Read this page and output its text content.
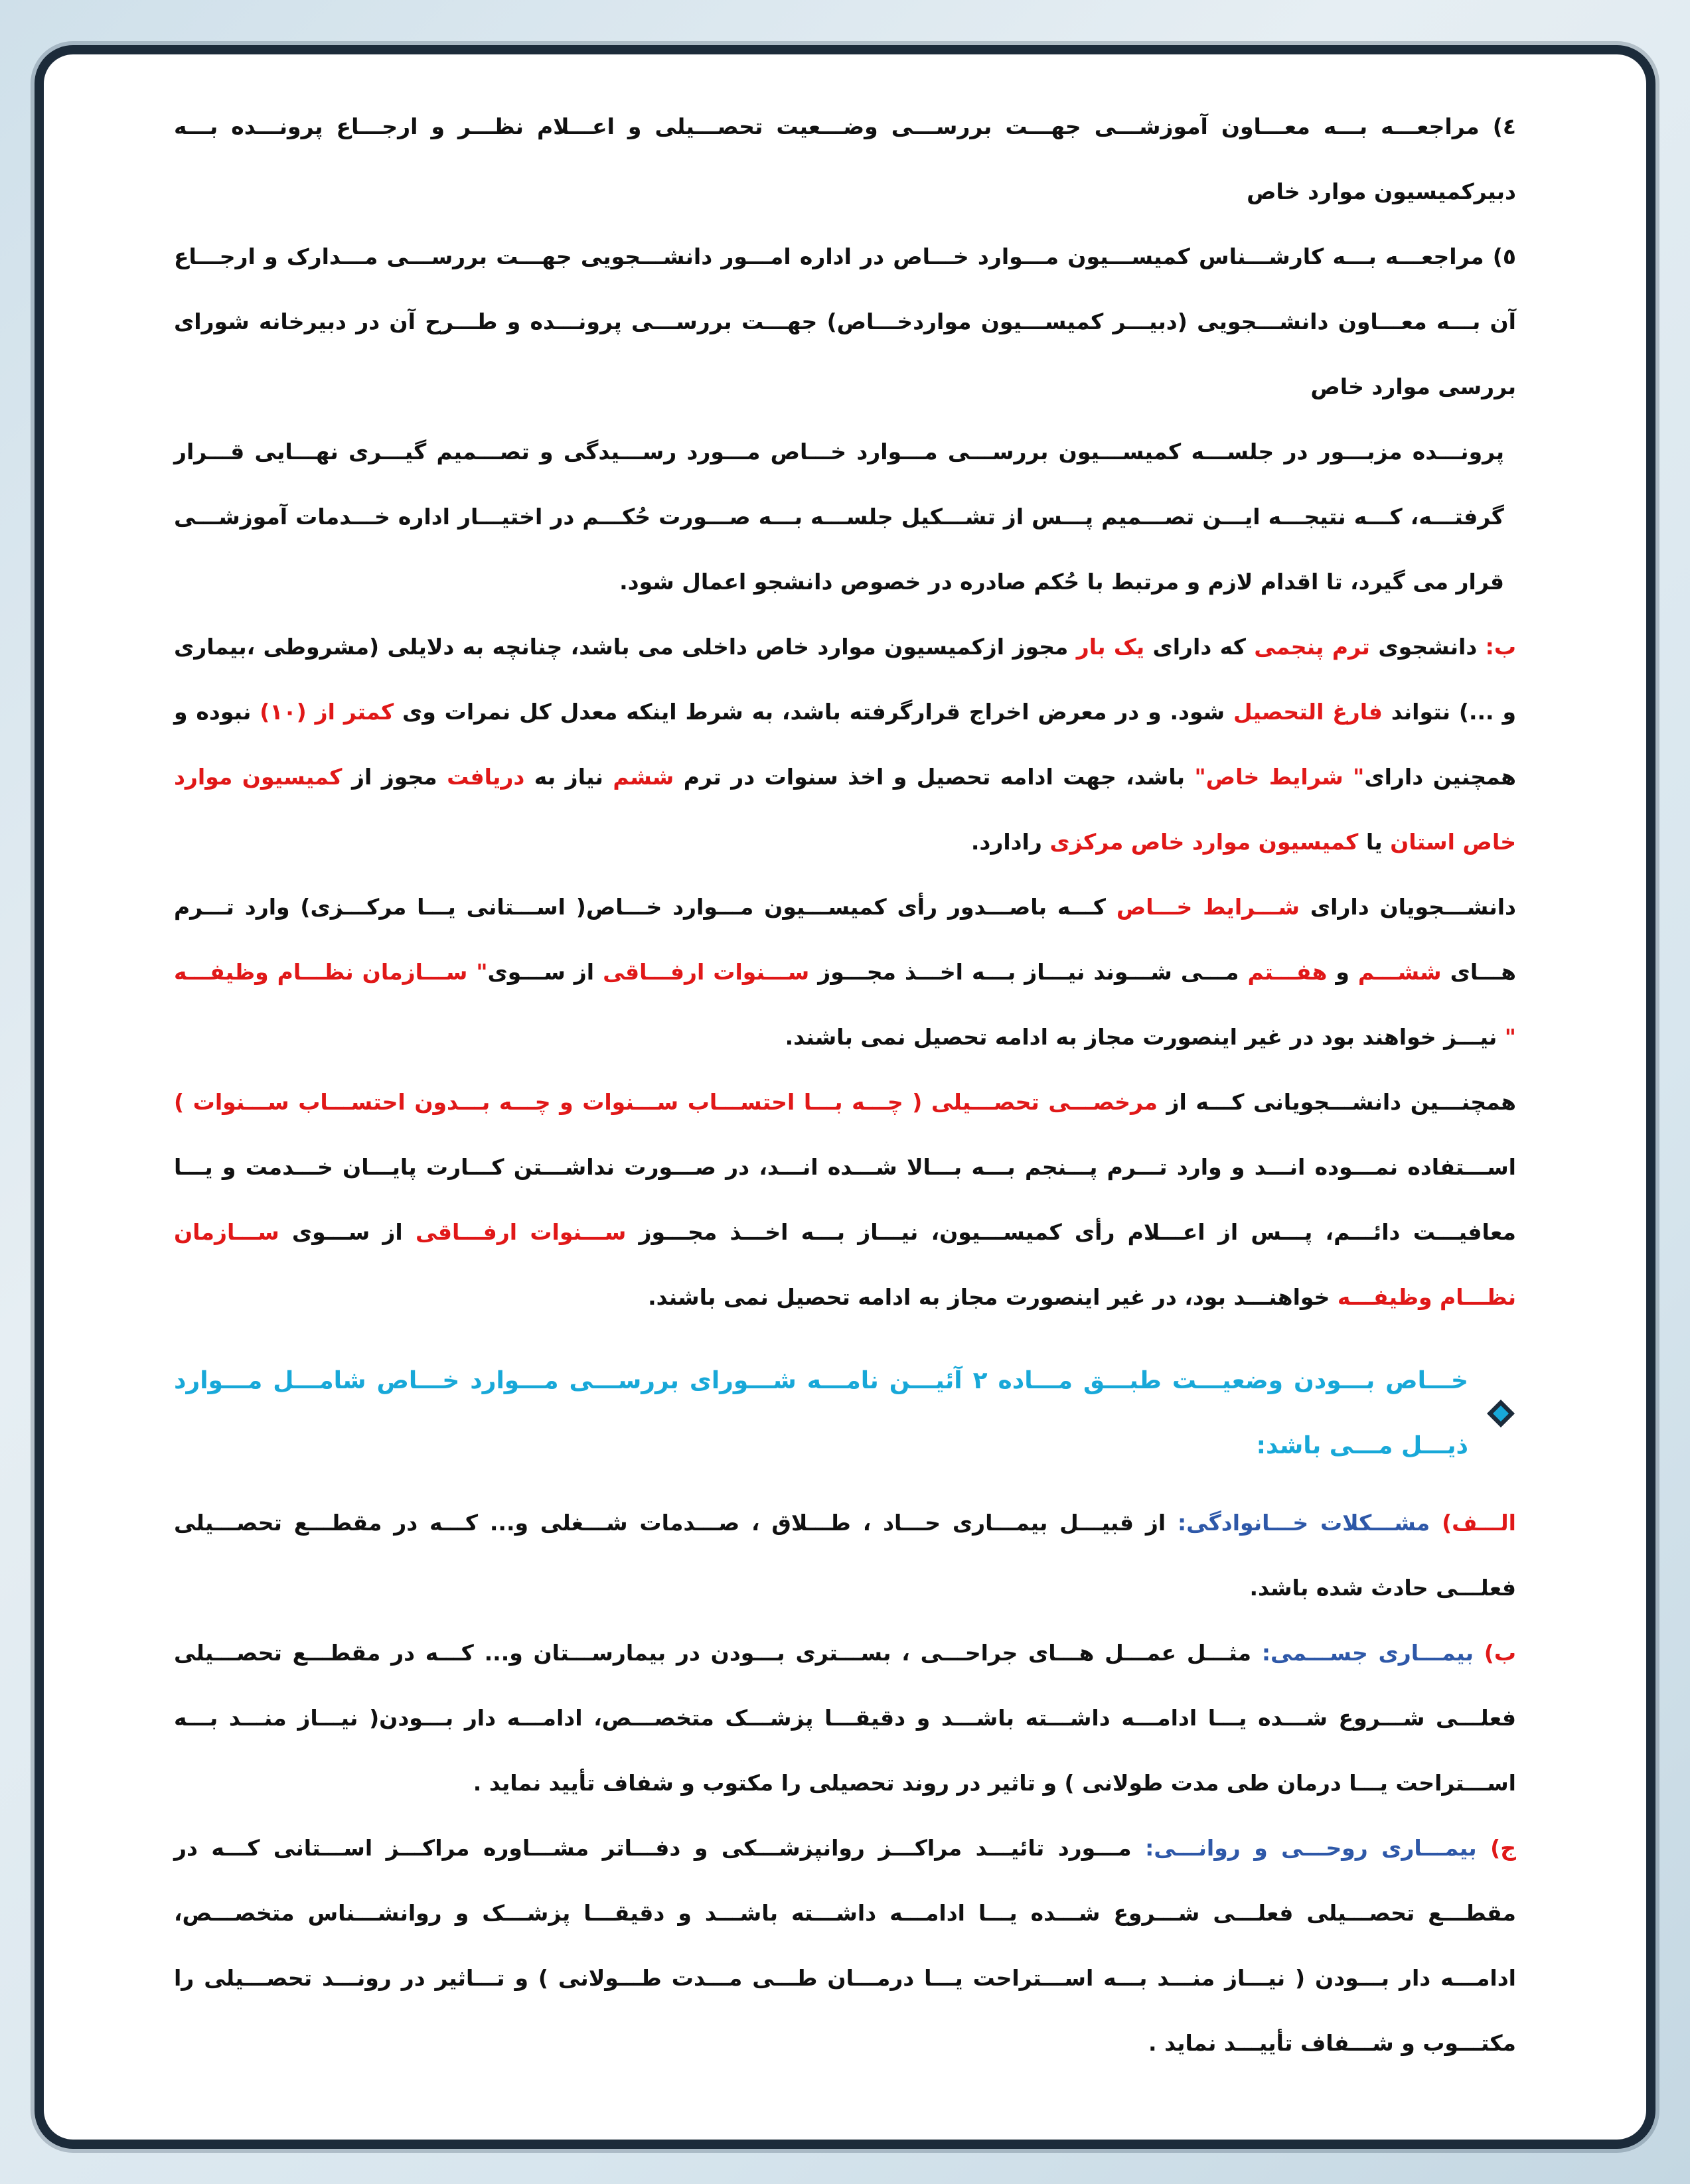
٤) مراجعـــه بـــه معـــاون آموزشـــی جهـــت بررســـی وضـــعیت تحصـــیلی و اعـــلام نظـــر و ارجـــاع پرونـــده بـــه دبیرکمیسیون موارد خاص

٥) مراجعـــه بـــه کارشـــناس کمیســـیون مـــوارد خـــاص در اداره امـــور دانشـــجویی جهـــت بررســـی مـــدارک و ارجـــاع آن بـــه معـــاون دانشـــجویی (دبیـــر کمیســـیون مواردخـــاص) جهـــت بررســـی پرونـــده و طـــرح آن در دبیرخانه شورای بررسی موارد خاص

پرونـــده مزبـــور در جلســـه کمیســـیون بررســـی مـــوارد خـــاص مـــورد رســـیدگی و تصـــمیم گیـــری نهـــایی قـــرار گرفتـــه، کـــه نتیجـــه ایـــن تصـــمیم پـــس از تشـــکیل جلســـه بـــه صـــورت حُکـــم در اختیـــار اداره خـــدمات آموزشـــی قرار می گیرد، تا اقدام لازم و مرتبط با حُکم صادره در خصوص دانشجو اعمال شود.

ب: دانشجوی ترم پنجمی که دارای یک بار مجوز ازکمیسیون موارد خاص داخلی می باشد، چنانچه به دلایلی (مشروطی ،بیماری و ...) نتواند فارغ التحصیل شود. و در معرض اخراج قرارگرفته باشد، به شرط اینکه معدل کل نمرات وی کمتر از (١٠) نبوده و همچنین دارای" شرایط خاص" باشد، جهت ادامه تحصیل و اخذ سنوات در ترم ششم نیاز به دریافت مجوز از کمیسیون موارد خاص استان یا کمیسیون موارد خاص مرکزی رادارد.

دانشـــجویان دارای شـــرایط خـــاص کـــه باصـــدور رأی کمیســـیون مـــوارد خـــاص( اســـتانی یـــا مرکـــزی) وارد تـــرم هـــای ششـــم و هفـــتم مـــی شـــوند نیـــاز بـــه اخـــذ مجـــوز ســـنوات ارفـــاقی از ســـوی" ســـازمان نظـــام وظیفـــه " نیـــز خواهند بود در غیر اینصورت مجاز به ادامه تحصیل نمی باشند.

همچنـــین دانشـــجویانی کـــه از مرخصـــی تحصـــیلی ( چـــه بـــا احتســـاب ســـنوات و چـــه بـــدون احتســـاب ســـنوات ) اســـتفاده نمـــوده انـــد و وارد تـــرم پـــنجم بـــه بـــالا شـــده انـــد، در صـــورت نداشـــتن کـــارت پایـــان خـــدمت و یـــا معافیـــت دائـــم، پـــس از اعـــلام رأی کمیســـیون، نیـــاز بـــه اخـــذ مجـــوز ســـنوات ارفـــاقی از ســـوی ســـازمان نظـــام وظیفـــه خواهنـــد بود، در غیر اینصورت مجاز به ادامه تحصیل نمی باشند.

خـــاص بـــودن وضعیـــت طبـــق مـــاده ٢ آئیـــن نامـــه شـــورای بررســـی مـــوارد خـــاص شامـــل مـــوارد ذیـــل مـــی باشد:

الـــف) مشـــکلات خـــانوادگی: از قبیـــل بیمـــاری حـــاد ، طـــلاق ، صـــدمات شـــغلی و... کـــه در مقطـــع تحصـــیلی فعلـــی حادث شده باشد.

ب) بیمـــاری جســـمی: مثـــل عمـــل هـــای جراحـــی ، بســـتری بـــودن در بیمارســـتان و... کـــه در مقطـــع تحصـــیلی فعلـــی شـــروع شـــده یـــا ادامـــه داشـــته باشـــد و دقیقـــا پزشـــک متخصـــص، ادامـــه دار بـــودن( نیـــاز منـــد بـــه اســـتراحت یـــا درمان طی مدت طولانی ) و تاثیر در روند تحصیلی را مکتوب و شفاف تأیید نماید .

ج) بیمـــاری روحـــی و روانـــی: مـــورد تائیـــد مراکـــز روانپزشـــکی و دفـــاتر مشـــاوره مراکـــز اســـتانی کـــه در مقطـــع تحصـــیلی فعلـــی شـــروع شـــده یـــا ادامـــه داشـــته باشـــد و دقیقـــا پزشـــک و روانشـــناس متخصـــص، ادامـــه دار بـــودن ( نیـــاز منـــد بـــه اســـتراحت یـــا درمـــان طـــی مـــدت طـــولانی ) و تـــاثیر در رونـــد تحصـــیلی را مکتـــوب و شـــفاف تأییـــد نماید .
